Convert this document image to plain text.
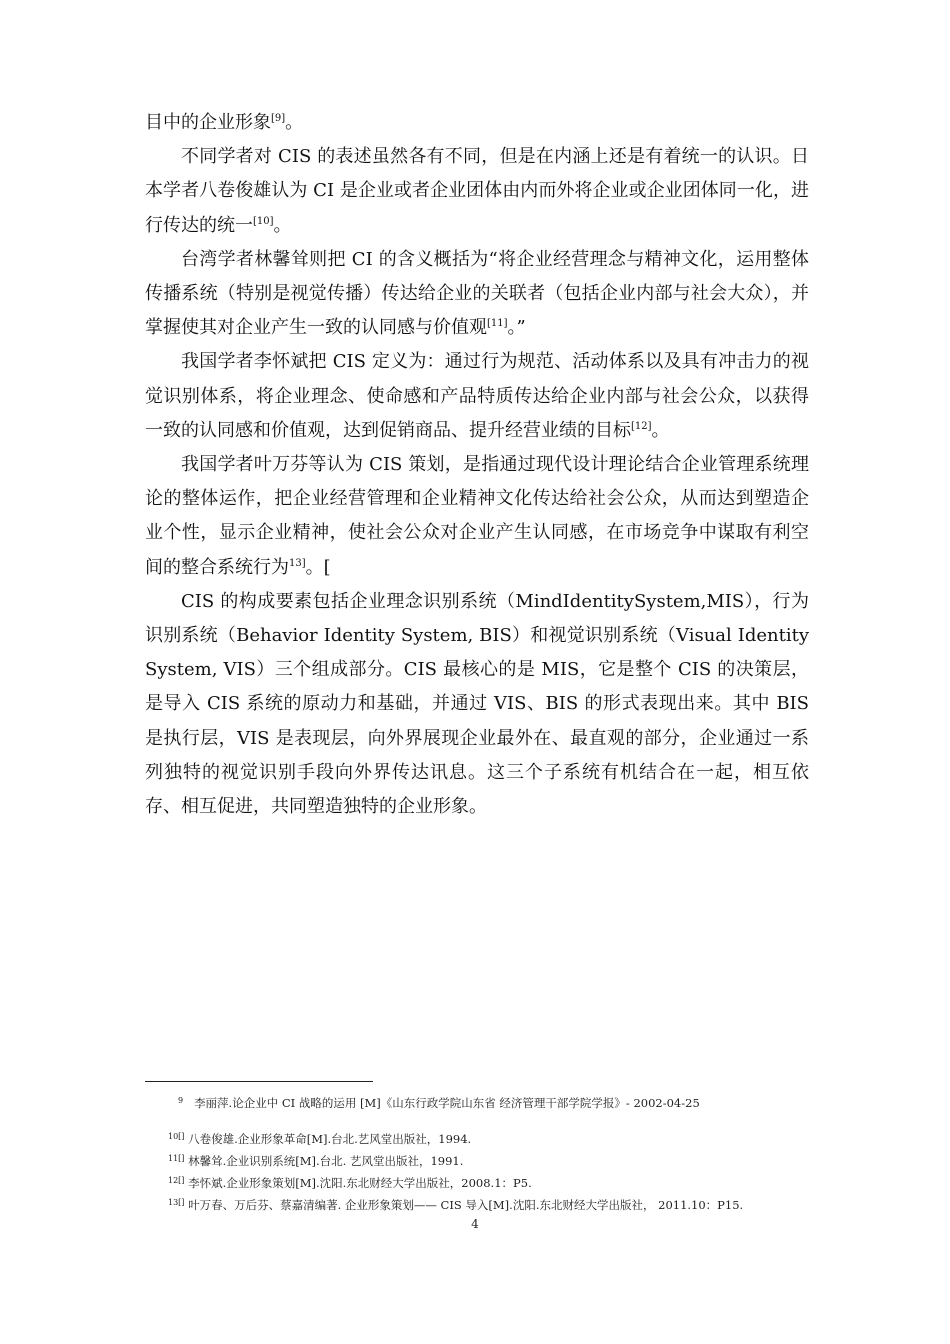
目中的企业形象[9]。

不同学者对 CIS 的表述虽然各有不同，但是在内涵上还是有着统一的认识。日本学者八卷俊雄认为 CI 是企业或者企业团体由内而外将企业或企业团体同一化，进行传达的统一[10]。

台湾学者林馨耸则把 CI 的含义概括为“将企业经营理念与精神文化，运用整体传播系统（特别是视觉传播）传达给企业的关联者（包括企业内部与社会大众），并掌握使其对企业产生一致的认同感与价值观[11]。”

我国学者李怀斌把 CIS 定义为：通过行为规范、活动体系以及具有冲击力的视觉识别体系，将企业理念、使命感和产品特质传达给企业内部与社会公众，以获得一致的认同感和价值观，达到促销商品、提升经营业绩的目标[12]。

我国学者叶万芬等认为 CIS 策划，是指通过现代设计理论结合企业管理系统理论的整体运作，把企业经营管理和企业精神文化传达给社会公众，从而达到塑造企业个性，显示企业精神，使社会公众对企业产生认同感，在市场竞争中谋取有利空间的整合系统行为$^{13]}$。[

CIS 的构成要素包括企业理念识别系统（MindIdentitySystem,MIS），行为识别系统（Behavior Identity System, BIS）和视觉识别系统（Visual Identity System, VIS）三个组成部分。CIS 最核心的是 MIS，它是整个 CIS 的决策层，是导入 CIS 系统的原动力和基础，并通过 VIS、BIS 的形式表现出来。其中 BIS 是执行层，VIS 是表现层，向外界展现企业最外在、最直观的部分，企业通过一系列独特的视觉识别手段向外界传达讯息。这三个子系统有机结合在一起，相互依存、相互促进，共同塑造独特的企业形象。

$^9$ 李丽萍.论企业中 CI 战略的运用 [M]《山东行政学院山东省 经济管理干部学院学报》- 2002-04-25
$^{10[]}$ 八卷俊雄.企业形象革命[M].台北.艺风堂出版社，1994.
$^{11[]}$ 林馨耸.企业识别系统[M].台北. 艺风堂出版社，1991.
$^{12[]}$ 李怀斌.企业形象策划[M].沈阳.东北财经大学出版社，2008.1：P5.
$^{13[]}$ 叶万春、万后芬、蔡嘉清编著. 企业形象策划—— CIS 导入[M].沈阳.东北财经大学出版社， 2011.10：P15.
4
